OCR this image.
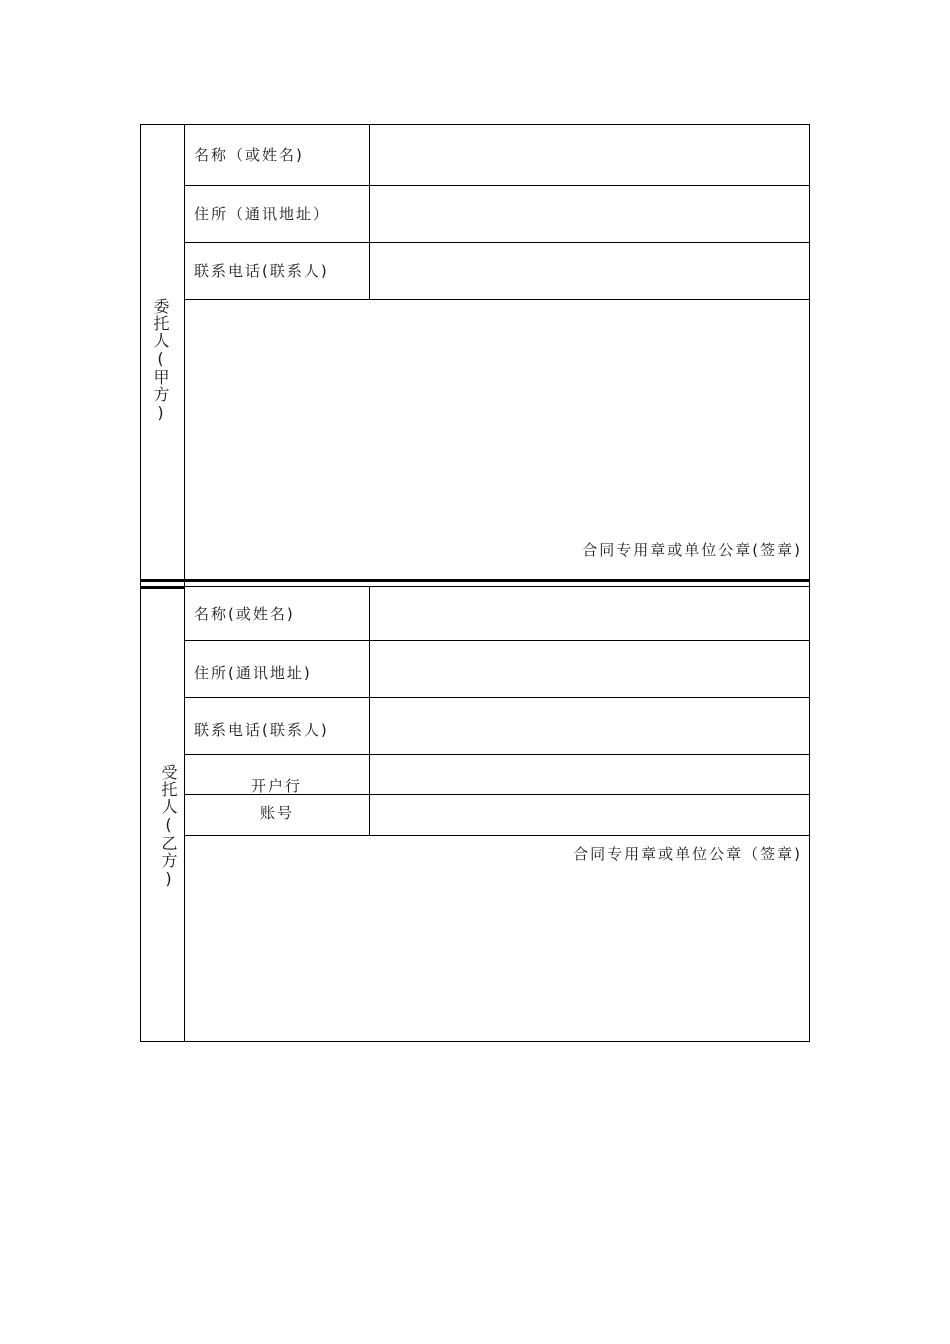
委托人(甲方)
名称（或姓名)
住所（通讯地址）
联系电话(联系人)
合同专用章或单位公章(签章)
受托人(乙方)
名称(或姓名)
住所(通讯地址)
联系电话(联系人)
开户行
账号
合同专用章或单位公章（签章)
